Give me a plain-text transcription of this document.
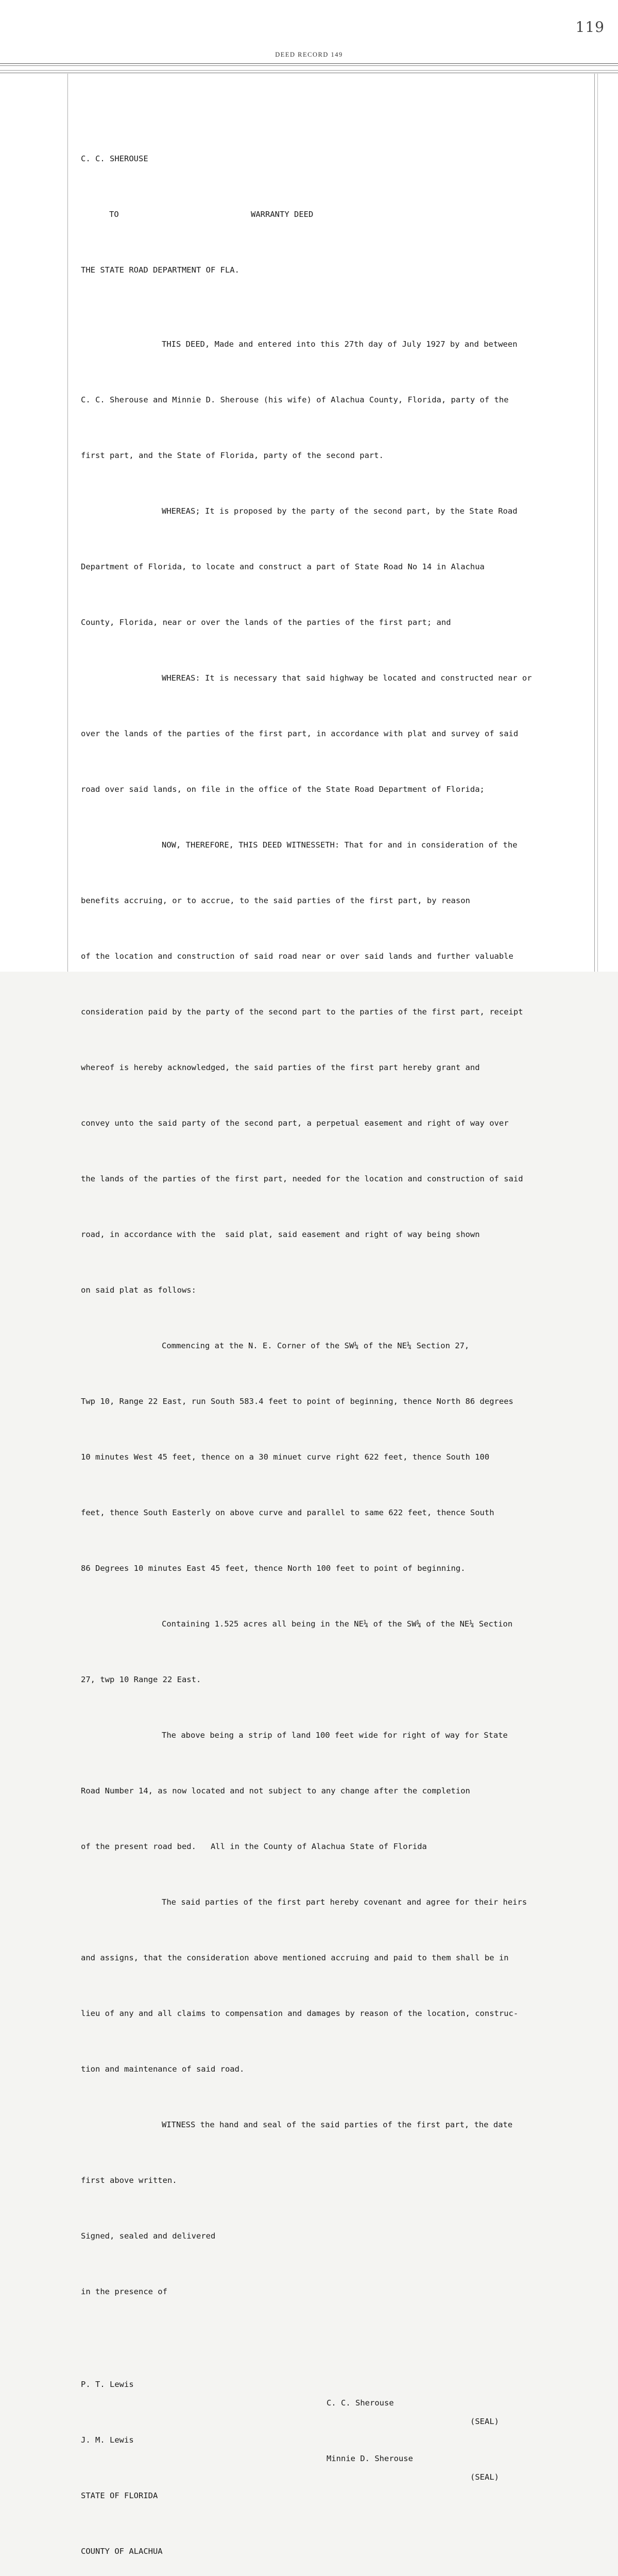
119
DEED RECORD 149

C. C. SHEROUSE

TO	WARRANTY DEED

THE STATE ROAD DEPARTMENT OF FLA.

THIS DEED, Made and entered into this 27th day of July 1927 by and between

C. C. Sherouse and Minnie D. Sherouse (his wife) of Alachua County, Florida, party of the

first part, and the State of Florida, party of the second part.

WHEREAS; It is proposed by the party of the second part, by the State Road

Department of Florida, to locate and construct a part of State Road No 14 in Alachua

County, Florida, near or over the lands of the parties of the first part; and

WHEREAS: It is necessary that said highway be located and constructed near or

over the lands of the parties of the first part, in accordance with plat and survey of said

road over said lands, on file in the office of the State Road Department of Florida;

NOW, THEREFORE, THIS DEED WITNESSETH: That for and in consideration of the

benefits accruing, or to accrue, to the said parties of the first part, by reason

of the location and construction of said road near or over said lands and further valuable

consideration paid by the party of the second part to the parties of the first part, receipt

whereof is hereby acknowledged, the said parties of the first part hereby grant and

convey unto the said party of the second part, a perpetual easement and right of way over

the lands of the parties of the first part, needed for the location and construction of said

road, in accordance with the  said plat, said easement and right of way being shown

on said plat as follows:

Commencing at the N. E. Corner of the SW¼ of the NE¼ Section 27,

Twp 10, Range 22 East, run South 583.4 feet to point of beginning, thence North 86 degrees

10 minutes West 45 feet, thence on a 30 minuet curve right 622 feet, thence South 100

feet, thence South Easterly on above curve and parallel to same 622 feet, thence South

86 Degrees 10 minutes East 45 feet, thence North 100 feet to point of beginning.

Containing 1.525 acres all being in the NE¼ of the SW¼ of the NE¼ Section

27, twp 10 Range 22 East.

The above being a strip of land 100 feet wide for right of way for State

Road Number 14, as now located and not subject to any change after the completion

of the present road bed.   All in the County of Alachua State of Florida

The said parties of the first part hereby covenant and agree for their heirs

and assigns, that the consideration above mentioned accruing and paid to them shall be in

lieu of any and all claims to compensation and damages by reason of the location, construc-

tion and maintenance of said road.

WITNESS the hand and seal of the said parties of the first part, the date

first above written.

Signed, sealed and delivered

in the presence of

P. T. Lewis

C. C. Sherouse

(SEAL)

J. M. Lewis

Minnie D. Sherouse

(SEAL)

STATE OF FLORIDA

COUNTY OF ALACHUA
